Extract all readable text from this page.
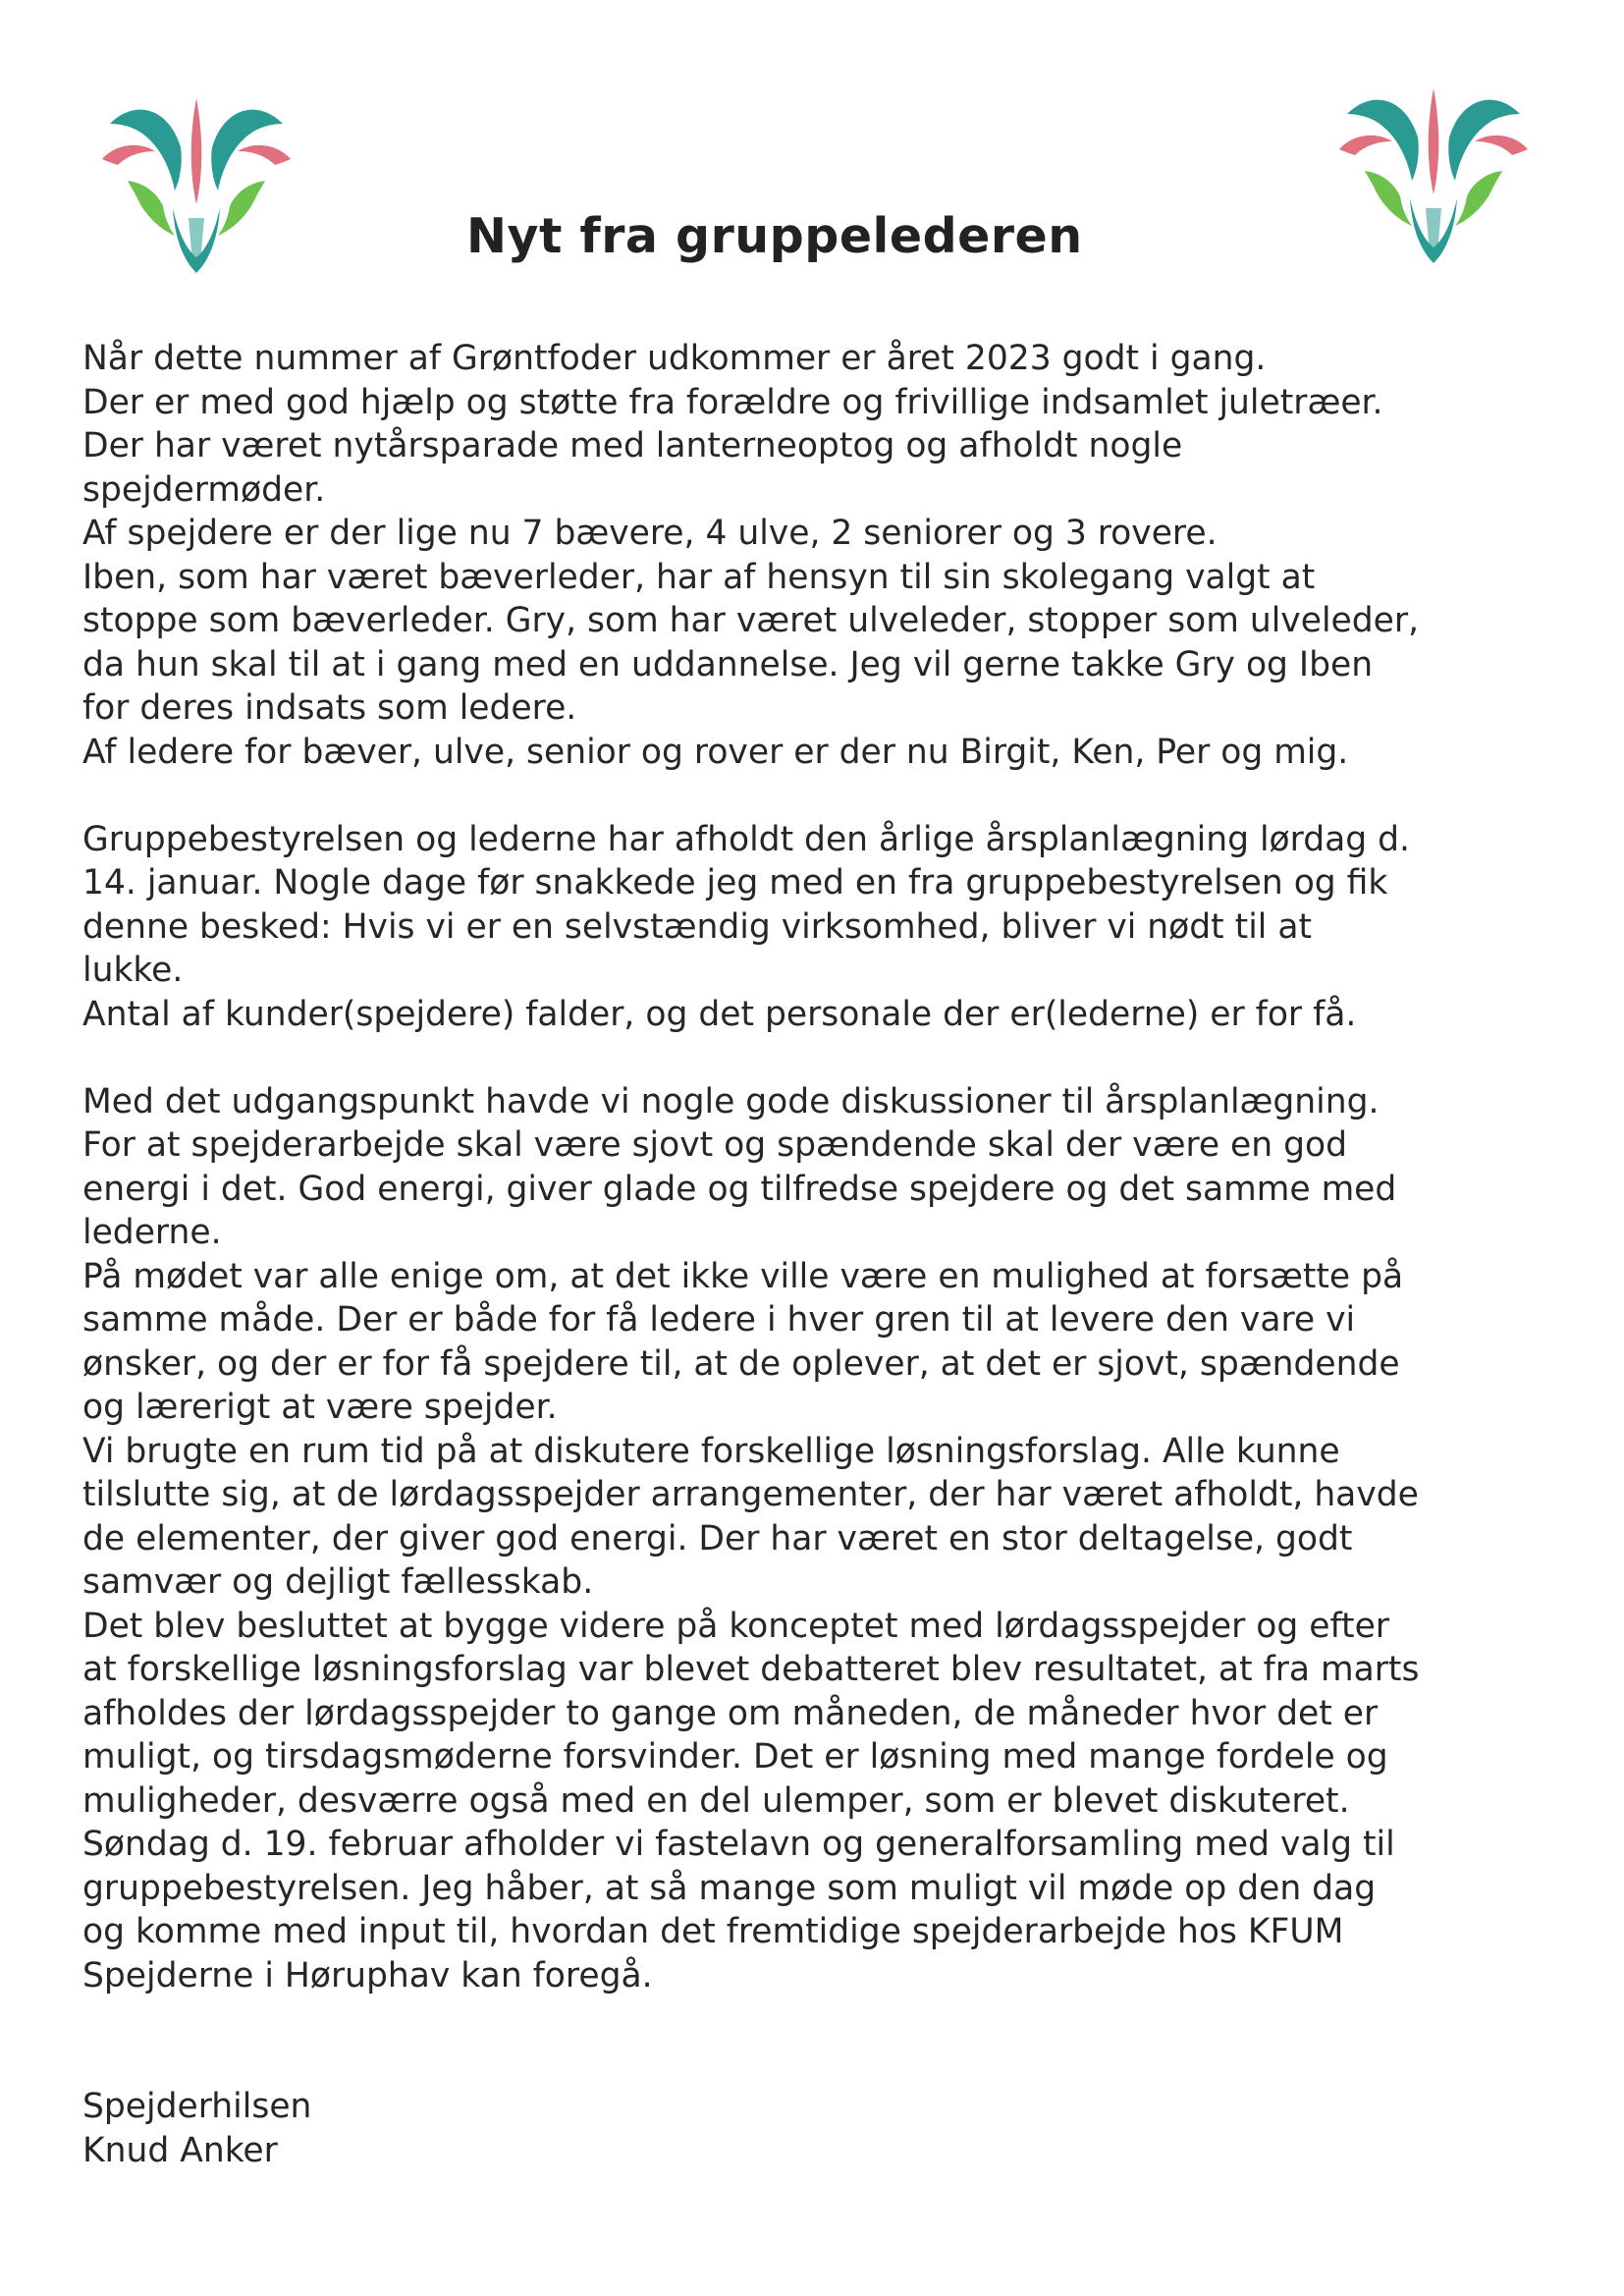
Nyt fra gruppelederen
Når dette nummer af Grøntfoder udkommer er året 2023 godt i gang.
Der er med god hjælp og støtte fra forældre og frivillige indsamlet juletræer.
Der har været nytårsparade med lanterneoptog og afholdt nogle
spejdermøder.
Af spejdere er der lige nu 7 bævere, 4 ulve, 2 seniorer og 3 rovere.
Iben, som har været bæverleder, har af hensyn til sin skolegang valgt at
stoppe som bæverleder. Gry, som har været ulveleder, stopper som ulveleder,
da hun skal til at i gang med en uddannelse. Jeg vil gerne takke Gry og Iben
for deres indsats som ledere.
Af ledere for bæver, ulve, senior og rover er der nu Birgit, Ken, Per og mig.
Gruppebestyrelsen og lederne har afholdt den årlige årsplanlægning lørdag d.
14. januar. Nogle dage før snakkede jeg med en fra gruppebestyrelsen og fik
denne besked: Hvis vi er en selvstændig virksomhed, bliver vi nødt til at
lukke.
Antal af kunder(spejdere) falder, og det personale der er(lederne) er for få.
Med det udgangspunkt havde vi nogle gode diskussioner til årsplanlægning.
For at spejderarbejde skal være sjovt og spændende skal der være en god
energi i det. God energi, giver glade og tilfredse spejdere og det samme med
lederne.
På mødet var alle enige om, at det ikke ville være en mulighed at forsætte på
samme måde. Der er både for få ledere i hver gren til at levere den vare vi
ønsker, og der er for få spejdere til, at de oplever, at det er sjovt, spændende
og lærerigt at være spejder.
Vi brugte en rum tid på at diskutere forskellige løsningsforslag. Alle kunne
tilslutte sig, at de lørdagsspejder arrangementer, der har været afholdt, havde
de elementer, der giver god energi. Der har været en stor deltagelse, godt
samvær og dejligt fællesskab.
Det blev besluttet at bygge videre på konceptet med lørdagsspejder og efter
at forskellige løsningsforslag var blevet debatteret blev resultatet, at fra marts
afholdes der lørdagsspejder to gange om måneden, de måneder hvor det er
muligt, og tirsdagsmøderne forsvinder. Det er løsning med mange fordele og
muligheder, desværre også med en del ulemper, som er blevet diskuteret.
Søndag d. 19. februar afholder vi fastelavn og generalforsamling med valg til
gruppebestyrelsen. Jeg håber, at så mange som muligt vil møde op den dag
og komme med input til, hvordan det fremtidige spejderarbejde hos KFUM
Spejderne i Høruphav kan foregå.
Spejderhilsen
Knud Anker
